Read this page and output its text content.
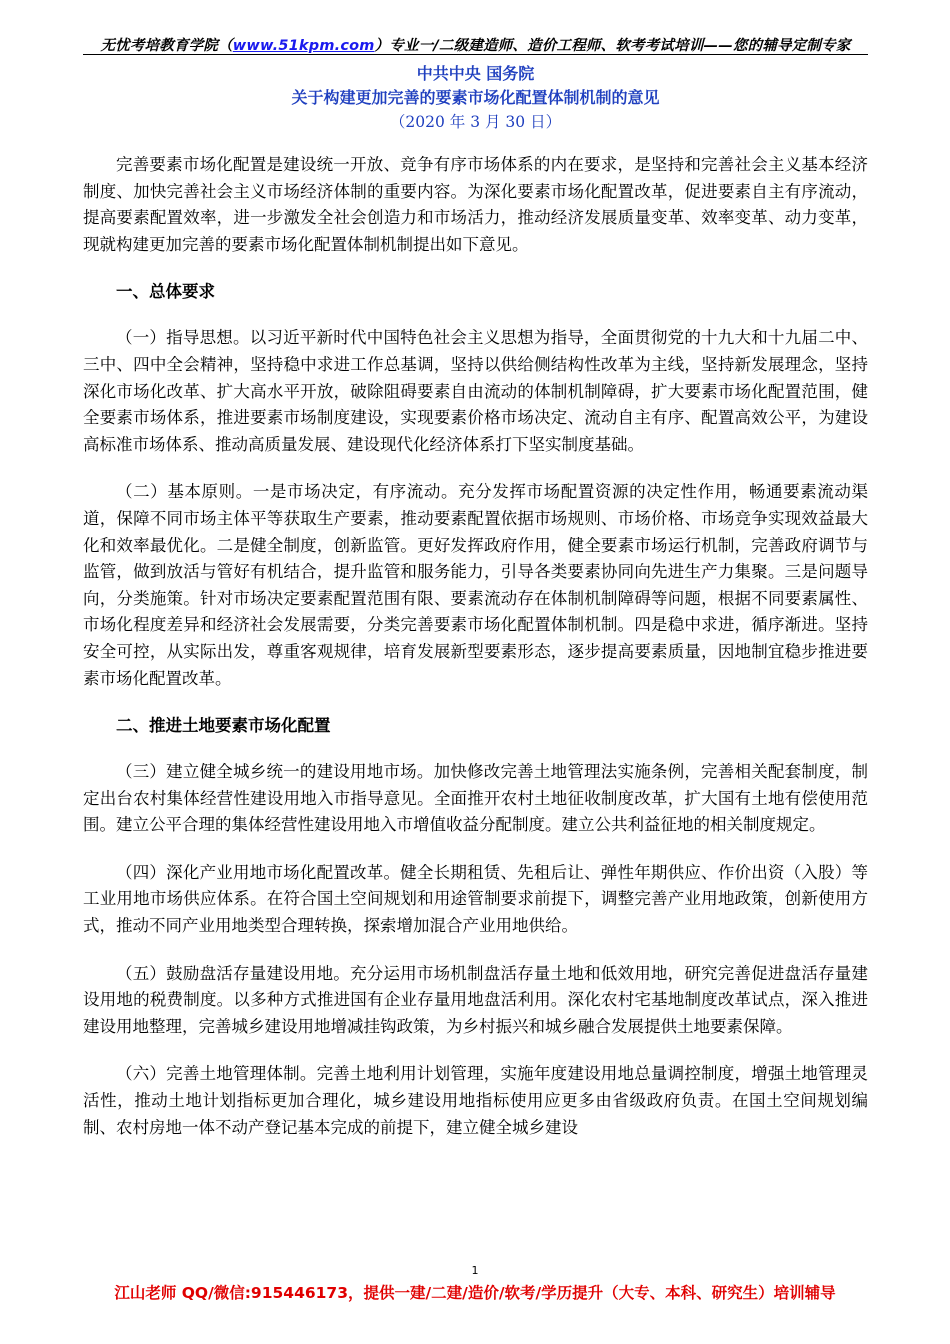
无忧考培教育学院（www.51kpm.com）专业一/二级建造师、造价工程师、软考考试培训——您的辅导定制专家
中共中央 国务院
关于构建更加完善的要素市场化配置体制机制的意见
（2020 年 3 月 30 日）

完善要素市场化配置是建设统一开放、竞争有序市场体系的内在要求，是坚持和完善社会主义基本经济制度、加快完善社会主义市场经济体制的重要内容。为深化要素市场化配置改革，促进要素自主有序流动，提高要素配置效率，进一步激发全社会创造力和市场活力，推动经济发展质量变革、效率变革、动力变革，现就构建更加完善的要素市场化配置体制机制提出如下意见。

一、总体要求

（一）指导思想。以习近平新时代中国特色社会主义思想为指导，全面贯彻党的十九大和十九届二中、三中、四中全会精神，坚持稳中求进工作总基调，坚持以供给侧结构性改革为主线，坚持新发展理念，坚持深化市场化改革、扩大高水平开放，破除阻碍要素自由流动的体制机制障碍，扩大要素市场化配置范围，健全要素市场体系，推进要素市场制度建设，实现要素价格市场决定、流动自主有序、配置高效公平，为建设高标准市场体系、推动高质量发展、建设现代化经济体系打下坚实制度基础。

（二）基本原则。一是市场决定，有序流动。充分发挥市场配置资源的决定性作用，畅通要素流动渠道，保障不同市场主体平等获取生产要素，推动要素配置依据市场规则、市场价格、市场竞争实现效益最大化和效率最优化。二是健全制度，创新监管。更好发挥政府作用，健全要素市场运行机制，完善政府调节与监管，做到放活与管好有机结合，提升监管和服务能力，引导各类要素协同向先进生产力集聚。三是问题导向，分类施策。针对市场决定要素配置范围有限、要素流动存在体制机制障碍等问题，根据不同要素属性、市场化程度差异和经济社会发展需要，分类完善要素市场化配置体制机制。四是稳中求进，循序渐进。坚持安全可控，从实际出发，尊重客观规律，培育发展新型要素形态，逐步提高要素质量，因地制宜稳步推进要素市场化配置改革。

二、推进土地要素市场化配置

（三）建立健全城乡统一的建设用地市场。加快修改完善土地管理法实施条例，完善相关配套制度，制定出台农村集体经营性建设用地入市指导意见。全面推开农村土地征收制度改革，扩大国有土地有偿使用范围。建立公平合理的集体经营性建设用地入市增值收益分配制度。建立公共利益征地的相关制度规定。

（四）深化产业用地市场化配置改革。健全长期租赁、先租后让、弹性年期供应、作价出资（入股）等工业用地市场供应体系。在符合国土空间规划和用途管制要求前提下，调整完善产业用地政策，创新使用方式，推动不同产业用地类型合理转换，探索增加混合产业用地供给。

（五）鼓励盘活存量建设用地。充分运用市场机制盘活存量土地和低效用地，研究完善促进盘活存量建设用地的税费制度。以多种方式推进国有企业存量用地盘活利用。深化农村宅基地制度改革试点，深入推进建设用地整理，完善城乡建设用地增减挂钩政策，为乡村振兴和城乡融合发展提供土地要素保障。

（六）完善土地管理体制。完善土地利用计划管理，实施年度建设用地总量调控制度，增强土地管理灵活性，推动土地计划指标更加合理化，城乡建设用地指标使用应更多由省级政府负责。在国土空间规划编制、农村房地一体不动产登记基本完成的前提下，建立健全城乡建设

1
江山老师 QQ/微信:915446173，提供一建/二建/造价/软考/学历提升（大专、本科、研究生）培训辅导
